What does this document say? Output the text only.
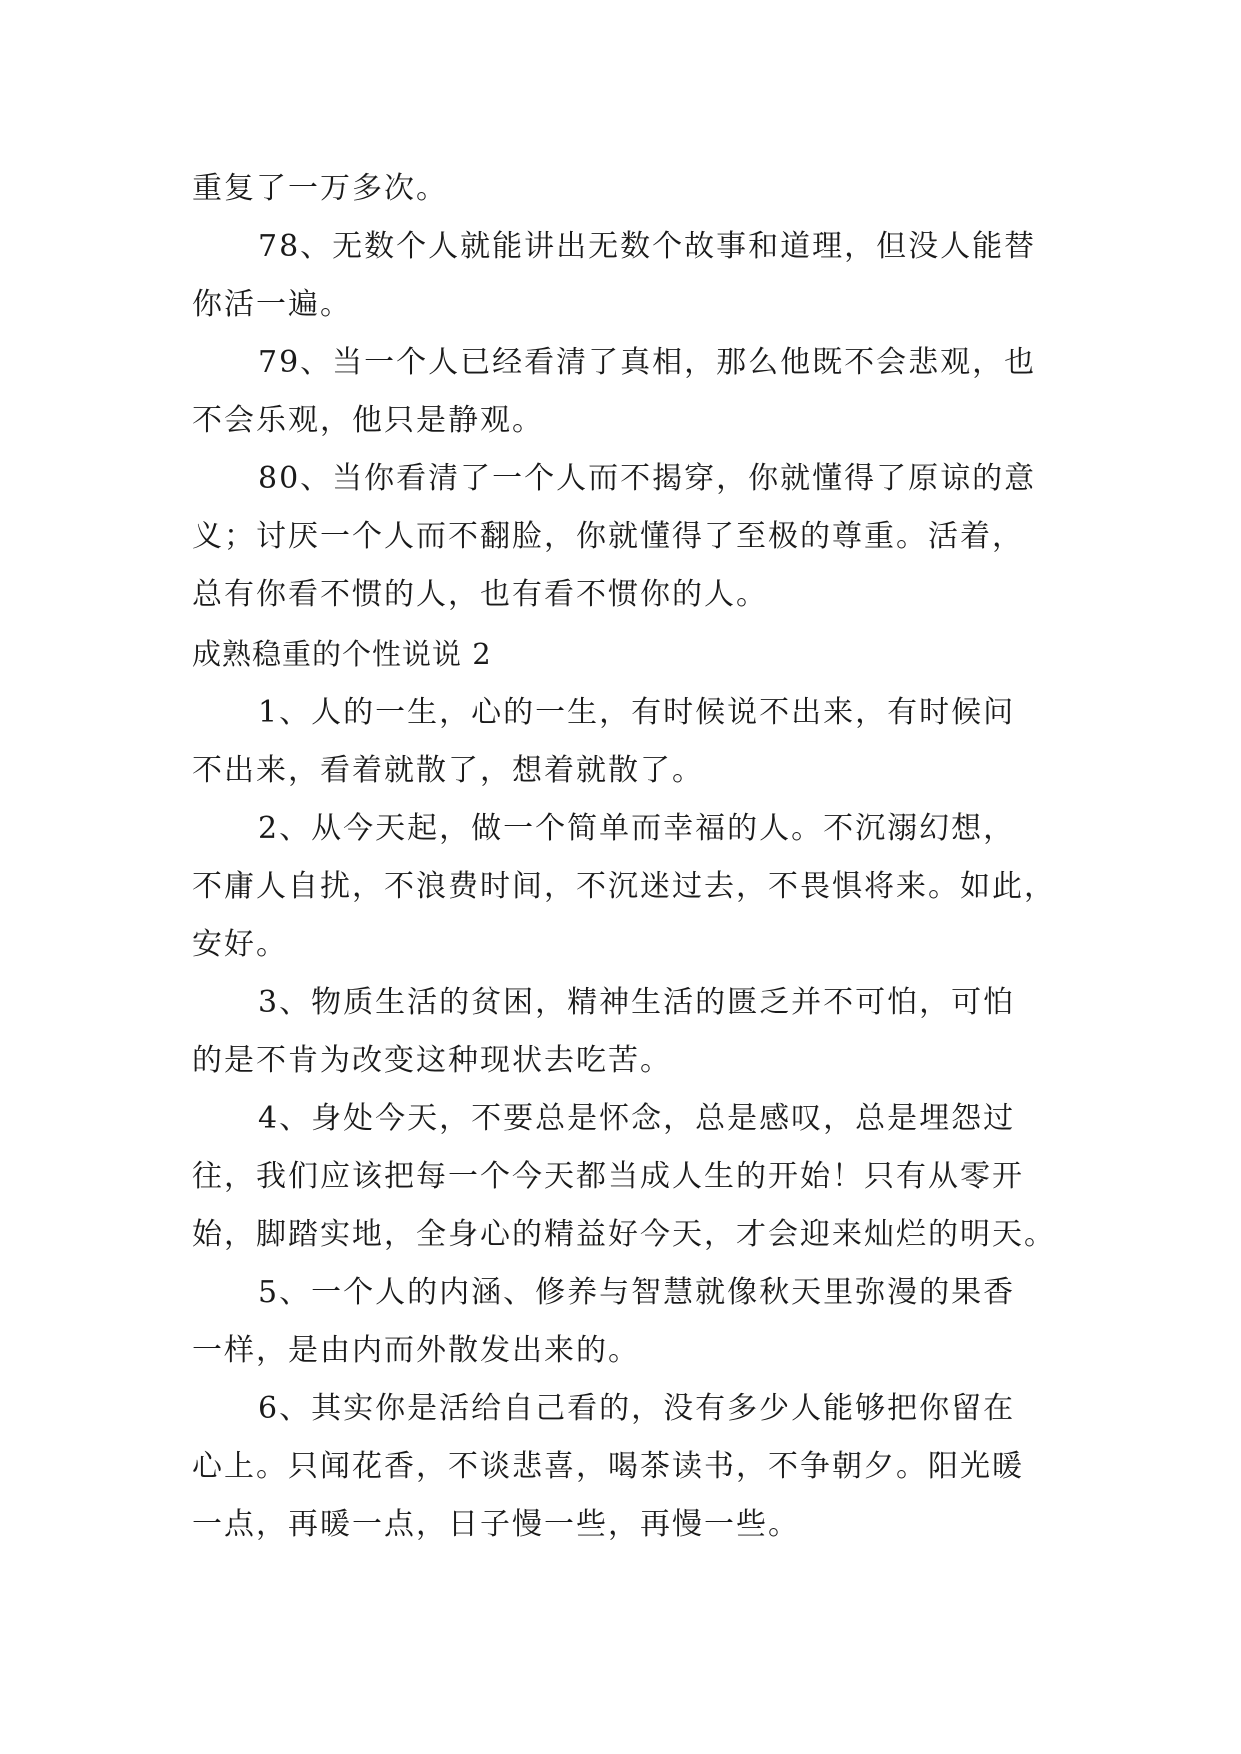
重复了一万多次。
78、无数个人就能讲出无数个故事和道理，但没人能替
你活一遍。
79、当一个人已经看清了真相，那么他既不会悲观，也
不会乐观，他只是静观。
80、当你看清了一个人而不揭穿，你就懂得了原谅的意
义；讨厌一个人而不翻脸，你就懂得了至极的尊重。活着，
总有你看不惯的人，也有看不惯你的人。
成熟稳重的个性说说 2
1、人的一生，心的一生，有时候说不出来，有时候问
不出来，看着就散了，想着就散了。
2、从今天起，做一个简单而幸福的人。不沉溺幻想，
不庸人自扰，不浪费时间，不沉迷过去，不畏惧将来。如此，
安好。
3、物质生活的贫困，精神生活的匮乏并不可怕，可怕
的是不肯为改变这种现状去吃苦。
4、身处今天，不要总是怀念，总是感叹，总是埋怨过
往，我们应该把每一个今天都当成人生的开始！只有从零开
始，脚踏实地，全身心的精益好今天，才会迎来灿烂的明天。
5、一个人的内涵、修养与智慧就像秋天里弥漫的果香
一样，是由内而外散发出来的。
6、其实你是活给自己看的，没有多少人能够把你留在
心上。只闻花香，不谈悲喜，喝茶读书，不争朝夕。阳光暖
一点，再暖一点，日子慢一些，再慢一些。
